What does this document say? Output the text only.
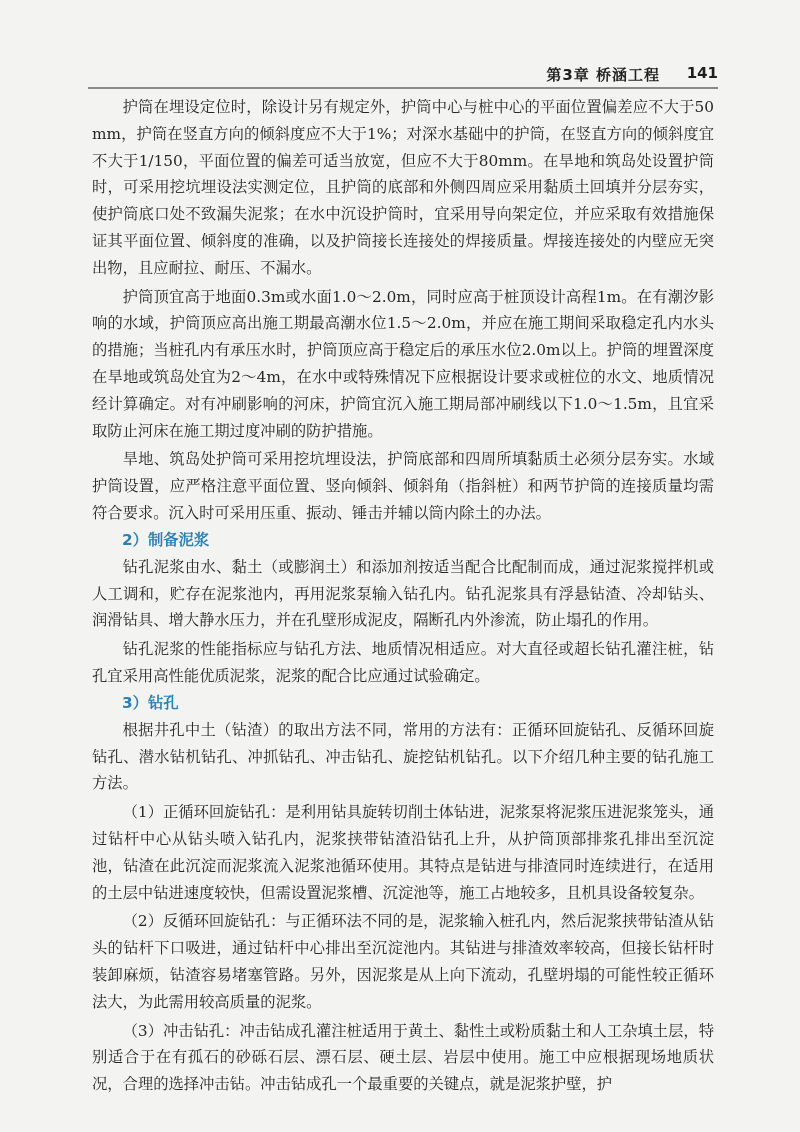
第3章 桥涵工程 141

护筒在埋设定位时，除设计另有规定外，护筒中心与桩中心的平面位置偏差应不大于50mm，护筒在竖直方向的倾斜度应不大于1%；对深水基础中的护筒，在竖直方向的倾斜度宜不大于1/150，平面位置的偏差可适当放宽，但应不大于80mm。在旱地和筑岛处设置护筒时，可采用挖坑埋设法实测定位，且护筒的底部和外侧四周应采用黏质土回填并分层夯实，使护筒底口处不致漏失泥浆；在水中沉设护筒时，宜采用导向架定位，并应采取有效措施保证其平面位置、倾斜度的准确，以及护筒接长连接处的焊接质量。焊接连接处的内壁应无突出物，且应耐拉、耐压、不漏水。

护筒顶宜高于地面0.3m或水面1.0～2.0m，同时应高于桩顶设计高程1m。在有潮汐影响的水域，护筒顶应高出施工期最高潮水位1.5～2.0m，并应在施工期间采取稳定孔内水头的措施；当桩孔内有承压水时，护筒顶应高于稳定后的承压水位2.0m以上。护筒的埋置深度在旱地或筑岛处宜为2～4m，在水中或特殊情况下应根据设计要求或桩位的水文、地质情况经计算确定。对有冲刷影响的河床，护筒宜沉入施工期局部冲刷线以下1.0～1.5m，且宜采取防止河床在施工期过度冲刷的防护措施。

旱地、筑岛处护筒可采用挖坑埋设法，护筒底部和四周所填黏质土必须分层夯实。水域护筒设置，应严格注意平面位置、竖向倾斜、倾斜角（指斜桩）和两节护筒的连接质量均需符合要求。沉入时可采用压重、振动、锤击并辅以筒内除土的办法。

2）制备泥浆

钻孔泥浆由水、黏土（或膨润土）和添加剂按适当配合比配制而成，通过泥浆搅拌机或人工调和，贮存在泥浆池内，再用泥浆泵输入钻孔内。钻孔泥浆具有浮悬钻渣、冷却钻头、润滑钻具、增大静水压力，并在孔壁形成泥皮，隔断孔内外渗流，防止塌孔的作用。

钻孔泥浆的性能指标应与钻孔方法、地质情况相适应。对大直径或超长钻孔灌注桩，钻孔宜采用高性能优质泥浆，泥浆的配合比应通过试验确定。

3）钻孔

根据井孔中土（钻渣）的取出方法不同，常用的方法有：正循环回旋钻孔、反循环回旋钻孔、潜水钻机钻孔、冲抓钻孔、冲击钻孔、旋挖钻机钻孔。以下介绍几种主要的钻孔施工方法。

（1）正循环回旋钻孔：是利用钻具旋转切削土体钻进，泥浆泵将泥浆压进泥浆笼头，通过钻杆中心从钻头喷入钻孔内，泥浆挟带钻渣沿钻孔上升，从护筒顶部排浆孔排出至沉淀池，钻渣在此沉淀而泥浆流入泥浆池循环使用。其特点是钻进与排渣同时连续进行，在适用的土层中钻进速度较快，但需设置泥浆槽、沉淀池等，施工占地较多，且机具设备较复杂。

（2）反循环回旋钻孔：与正循环法不同的是，泥浆输入桩孔内，然后泥浆挟带钻渣从钻头的钻杆下口吸进，通过钻杆中心排出至沉淀池内。其钻进与排渣效率较高，但接长钻杆时装卸麻烦，钻渣容易堵塞管路。另外，因泥浆是从上向下流动，孔壁坍塌的可能性较正循环法大，为此需用较高质量的泥浆。

（3）冲击钻孔：冲击钻成孔灌注桩适用于黄土、黏性土或粉质黏土和人工杂填土层，特别适合于在有孤石的砂砾石层、漂石层、硬土层、岩层中使用。施工中应根据现场地质状况，合理的选择冲击钻。冲击钻成孔一个最重要的关键点，就是泥浆护壁，护
